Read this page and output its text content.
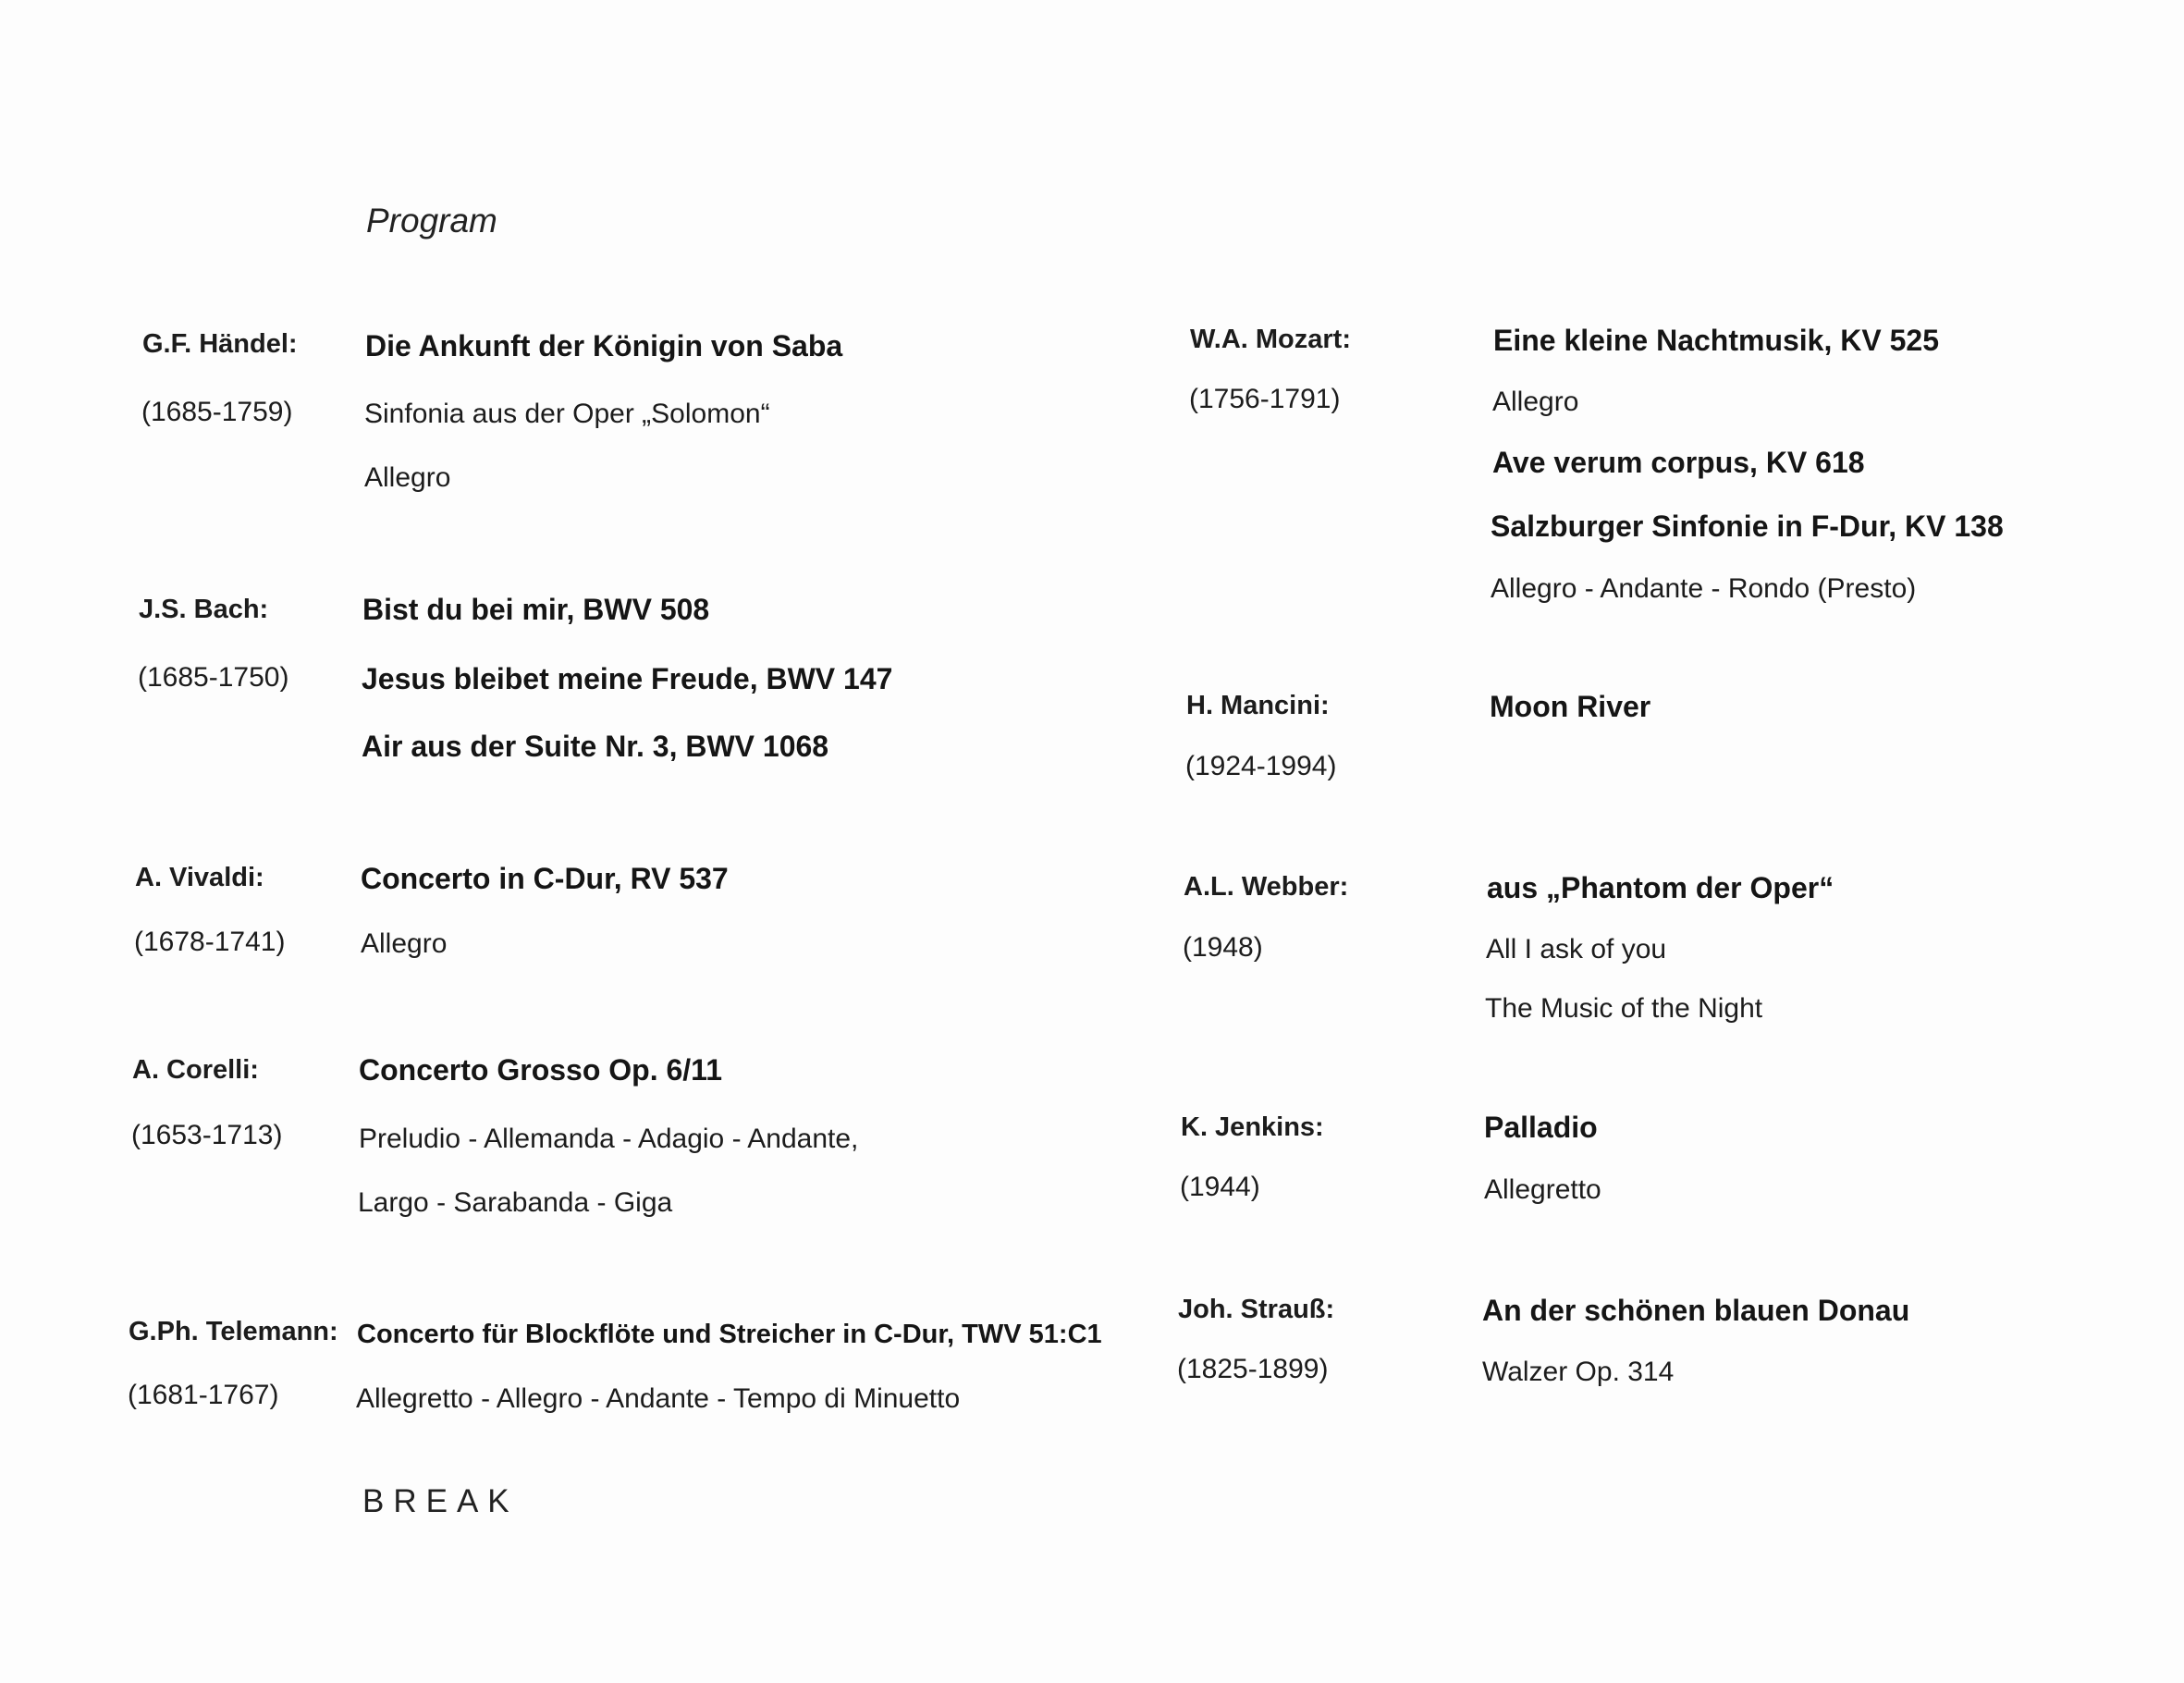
Program
G.F. Händel:
(1685-1759)
Die Ankunft der Königin von Saba
Sinfonia aus der Oper „Solomon“
Allegro
J.S. Bach:
(1685-1750)
Bist du bei mir, BWV 508
Jesus bleibet meine Freude, BWV 147
Air aus der Suite Nr. 3, BWV 1068
A. Vivaldi:
(1678-1741)
Concerto in C-Dur, RV 537
Allegro
A. Corelli:
(1653-1713)
Concerto Grosso Op. 6/11
Preludio - Allemanda - Adagio - Andante,
Largo - Sarabanda - Giga
G.Ph. Telemann:
(1681-1767)
Concerto für Blockflöte und Streicher in C-Dur, TWV 51:C1
Allegretto - Allegro - Andante - Tempo di Minuetto
BREAK
W.A. Mozart:
(1756-1791)
Eine kleine Nachtmusik, KV 525
Allegro
Ave verum corpus, KV 618
Salzburger Sinfonie in F-Dur, KV 138
Allegro - Andante - Rondo (Presto)
H. Mancini:
(1924-1994)
Moon River
A.L. Webber:
(1948)
aus „Phantom der Oper“
All I ask of you
The Music of the Night
K. Jenkins:
(1944)
Palladio
Allegretto
Joh. Strauß:
(1825-1899)
An der schönen blauen Donau
Walzer Op. 314
